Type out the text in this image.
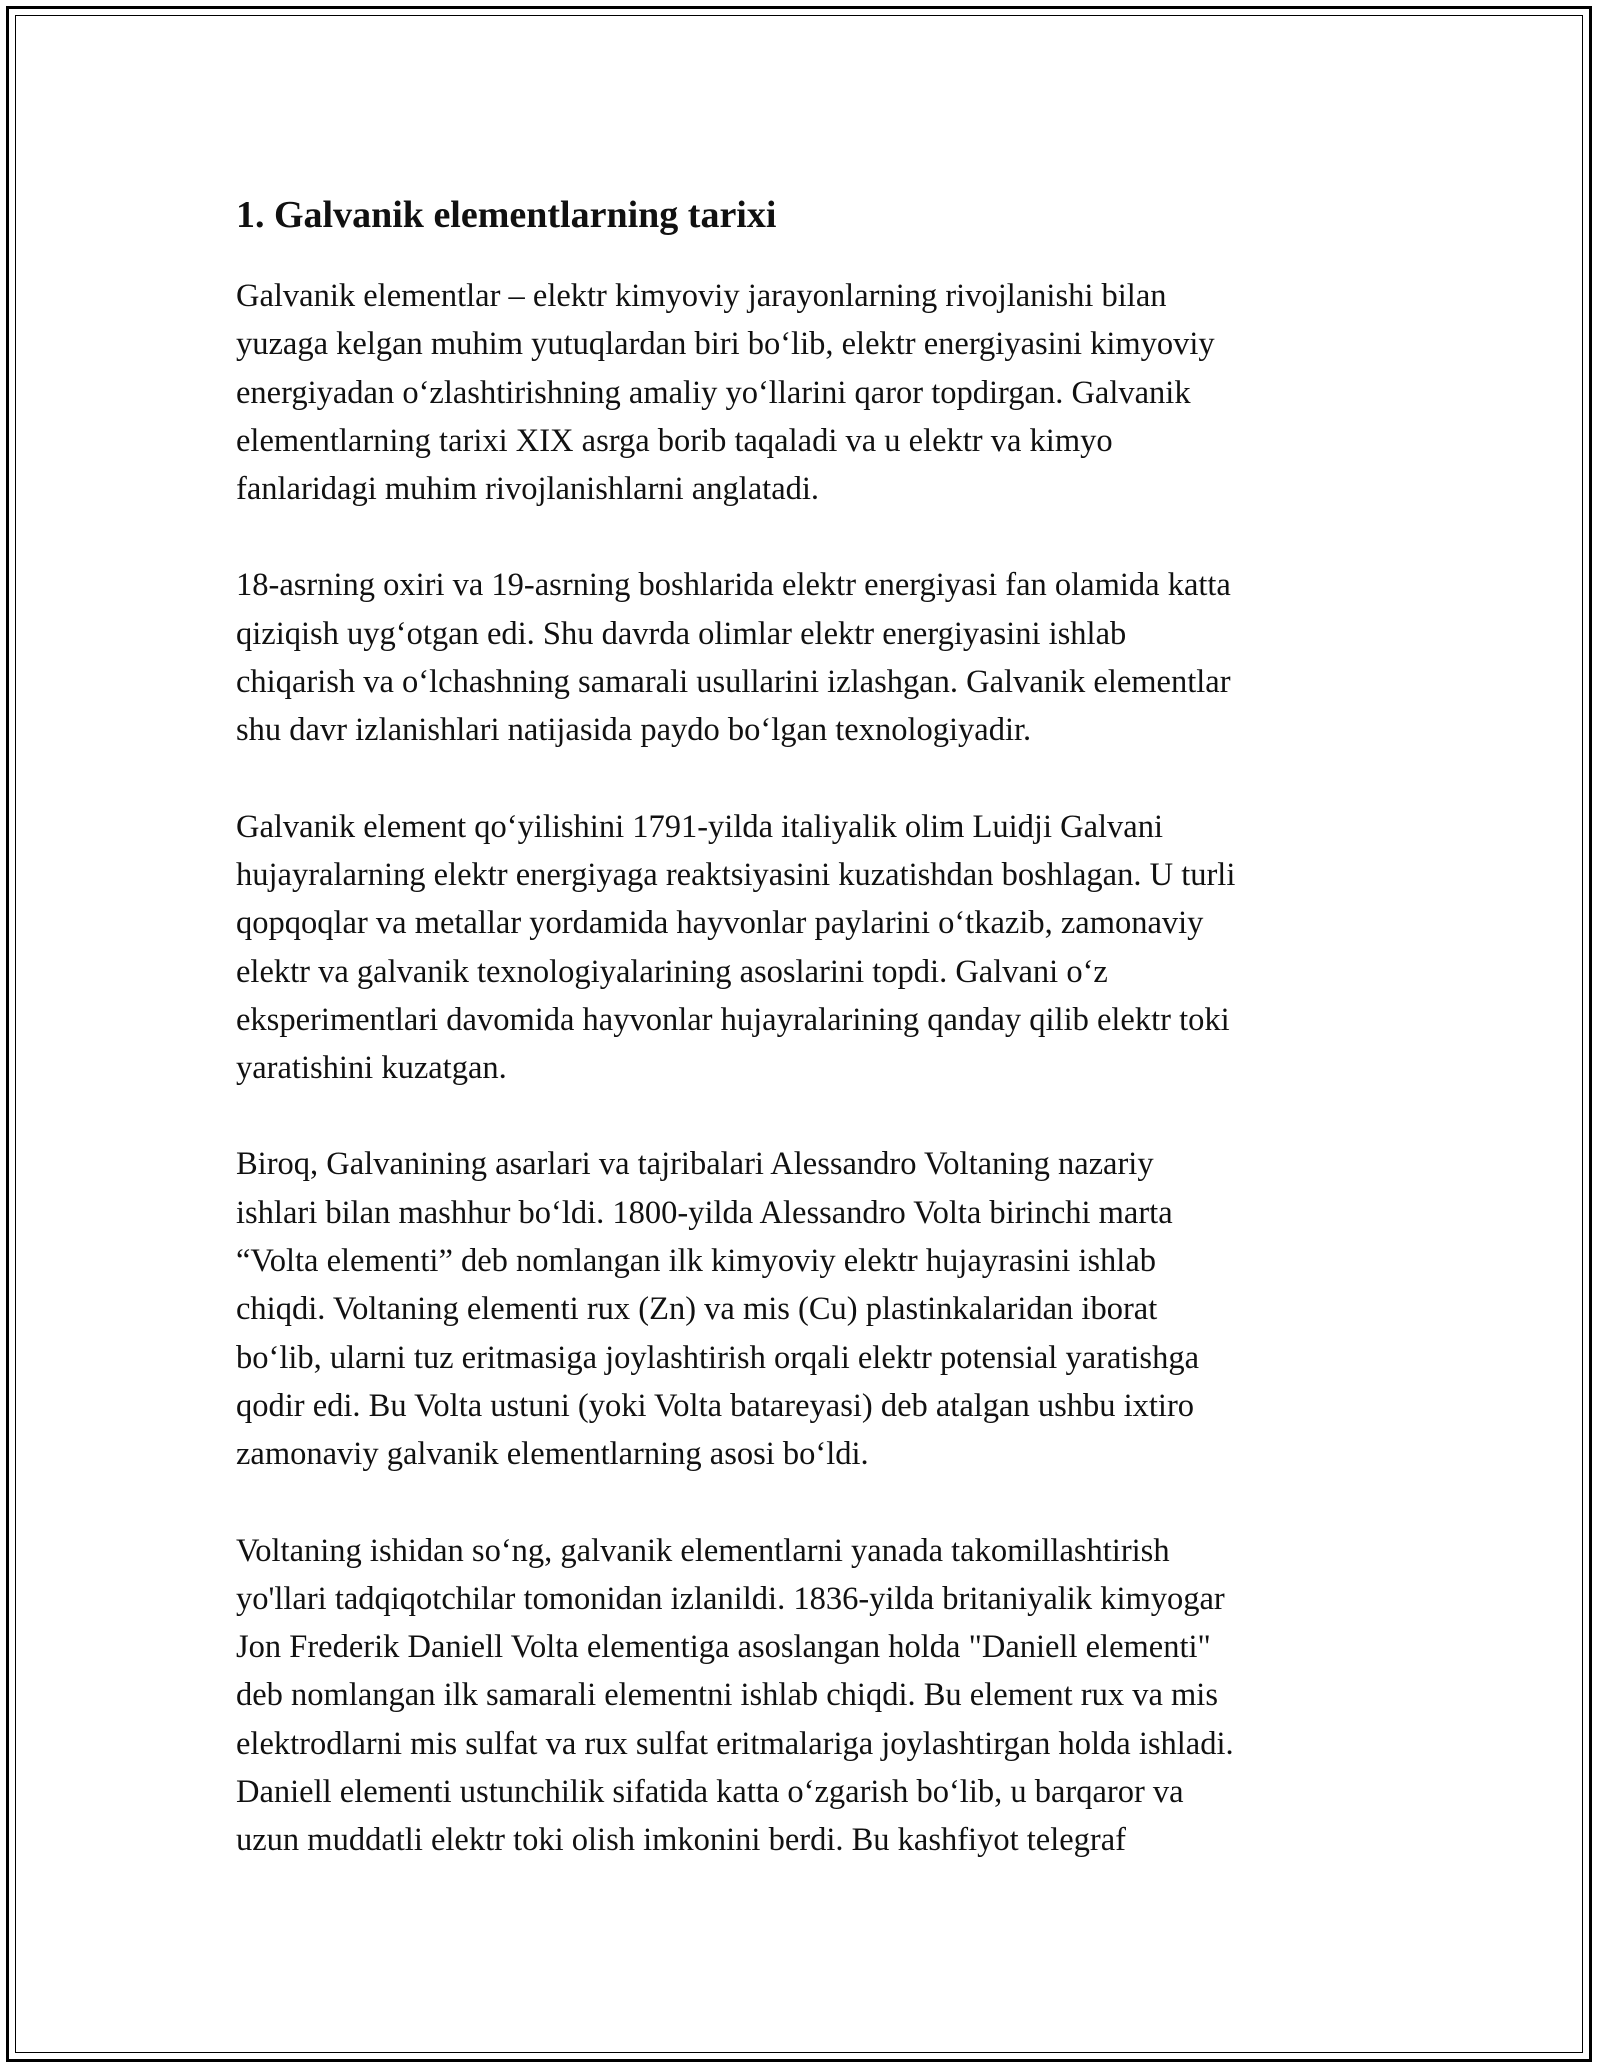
1. Galvanik elementlarning tarixi

Galvanik elementlar – elektr kimyoviy jarayonlarning rivojlanishi bilan
yuzaga kelgan muhim yutuqlardan biri bo‘lib, elektr energiyasini kimyoviy
energiyadan o‘zlashtirishning amaliy yo‘llarini qaror topdirgan. Galvanik
elementlarning tarixi XIX asrga borib taqaladi va u elektr va kimyo
fanlaridagi muhim rivojlanishlarni anglatadi.

18-asrning oxiri va 19-asrning boshlarida elektr energiyasi fan olamida katta
qiziqish uyg‘otgan edi. Shu davrda olimlar elektr energiyasini ishlab
chiqarish va o‘lchashning samarali usullarini izlashgan. Galvanik elementlar
shu davr izlanishlari natijasida paydo bo‘lgan texnologiyadir.

Galvanik element qo‘yilishini 1791-yilda italiyalik olim Luidji Galvani
hujayralarning elektr energiyaga reaktsiyasini kuzatishdan boshlagan. U turli
qopqoqlar va metallar yordamida hayvonlar paylarini o‘tkazib, zamonaviy
elektr va galvanik texnologiyalarining asoslarini topdi. Galvani o‘z
eksperimentlari davomida hayvonlar hujayralarining qanday qilib elektr toki
yaratishini kuzatgan.

Biroq, Galvanining asarlari va tajribalari Alessandro Voltaning nazariy
ishlari bilan mashhur bo‘ldi. 1800-yilda Alessandro Volta birinchi marta
“Volta elementi” deb nomlangan ilk kimyoviy elektr hujayrasini ishlab
chiqdi. Voltaning elementi rux (Zn) va mis (Cu) plastinkalaridan iborat
bo‘lib, ularni tuz eritmasiga joylashtirish orqali elektr potensial yaratishga
qodir edi. Bu Volta ustuni (yoki Volta batareyasi) deb atalgan ushbu ixtiro
zamonaviy galvanik elementlarning asosi bo‘ldi.

Voltaning ishidan so‘ng, galvanik elementlarni yanada takomillashtirish
yo'llari tadqiqotchilar tomonidan izlanildi. 1836-yilda britaniyalik kimyogar
Jon Frederik Daniell Volta elementiga asoslangan holda "Daniell elementi"
deb nomlangan ilk samarali elementni ishlab chiqdi. Bu element rux va mis
elektrodlarni mis sulfat va rux sulfat eritmalariga joylashtirgan holda ishladi.
Daniell elementi ustunchilik sifatida katta o‘zgarish bo‘lib, u barqaror va
uzun muddatli elektr toki olish imkonini berdi. Bu kashfiyot telegraf
